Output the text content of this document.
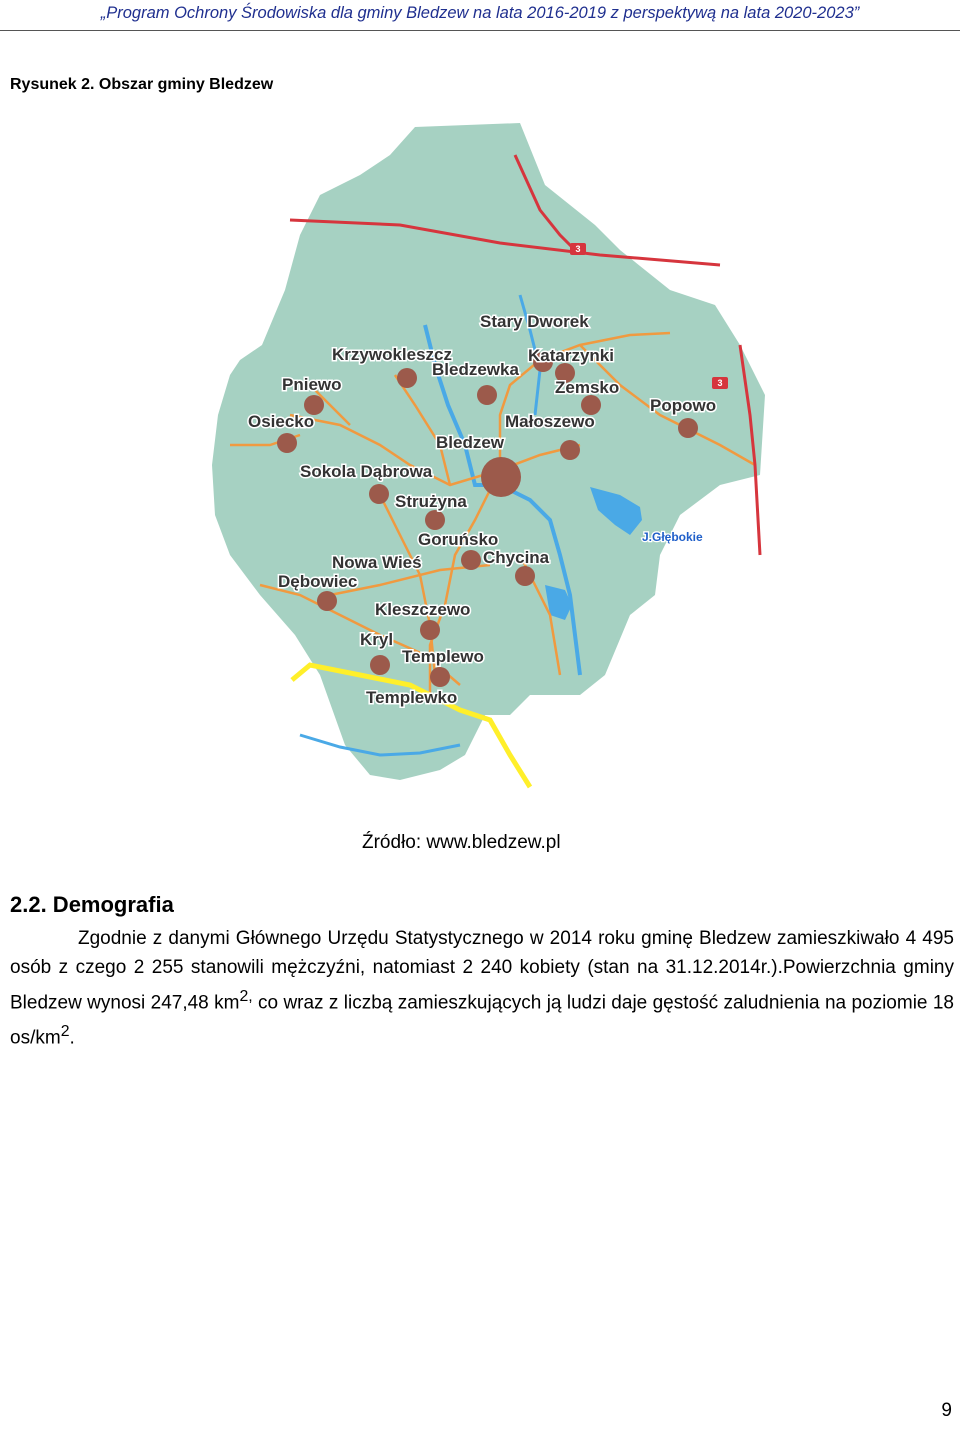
„Program Ochrony Środowiska dla gminy Bledzew na lata 2016-2019 z perspektywą na lata 2020-2023”
Rysunek 2. Obszar gminy Bledzew
3
3
Stary Dworek
Krzywokleszcz	Katarzynki
Bledzewka
Pniewo	Zemsko
Popowo
Osiecko	Małoszewo
Bledzew
Sokola Dąbrowa
Strużyna
Goruńsko
Chycina
Nowa Wieś
Dębowiec
Kleszczewo
Kryl
Templewo
Templewko
J.Głębokie
Źródło: www.bledzew.pl
2.2. Demografia

Zgodnie z danymi Głównego Urzędu Statystycznego w 2014 roku gminę Bledzew zamieszkiwało 4 495 osób z czego 2 255 stanowili mężczyźni, natomiast 2 240 kobiety (stan na 31.12.2014r.).Powierzchnia gminy Bledzew wynosi 247,48 $km^{2,}$ co wraz z liczbą zamieszkujących ją ludzi daje gęstość zaludnienia na poziomie 18 $os/km^2$.

9
